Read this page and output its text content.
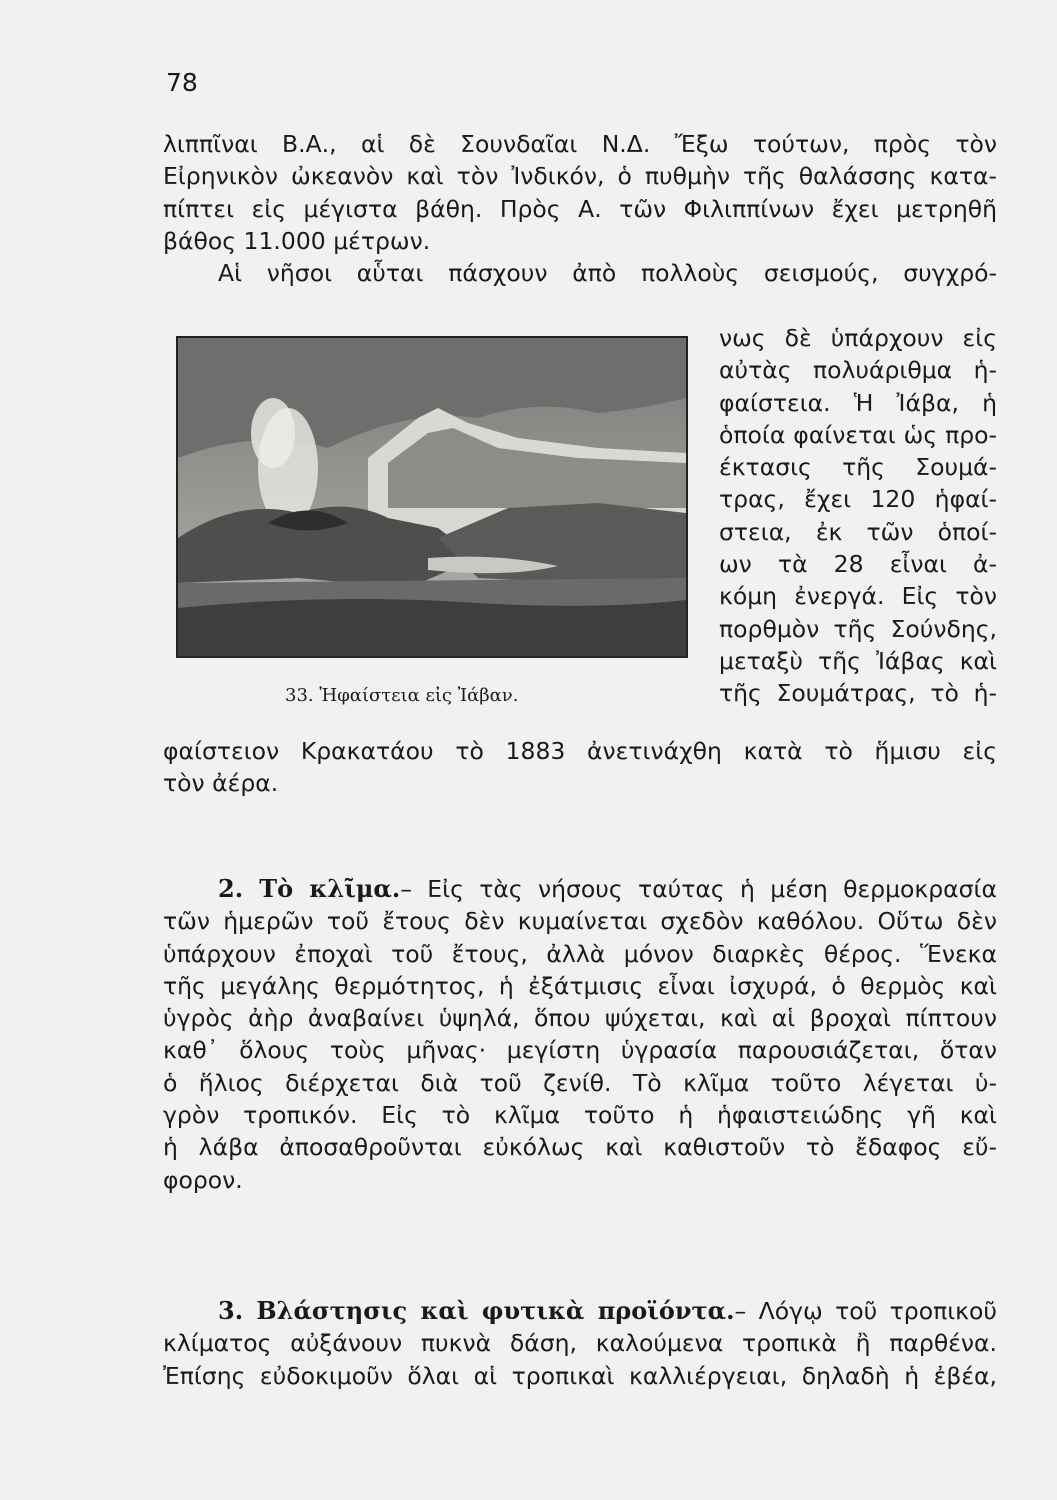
78
λιππῖναι Β.Α., αἱ δὲ Σουνδαῖαι Ν.Δ. Ἔξω τούτων, πρὸς τὸν
Εἰρηνικὸν ὠκεανὸν καὶ τὸν Ἰνδικόν, ὁ πυθμὴν τῆς θαλάσσης κατα-
πίπτει εἰς μέγιστα βάθη. Πρὸς Α. τῶν Φιλιππίνων ἔχει μετρηθῆ
βάθος 11.000 μέτρων.
Αἱ νῆσοι αὗται πάσχουν ἀπὸ πολλοὺς σεισμούς, συγχρό-
33. Ἡφαίστεια εἰς Ἰάβαν.
νως δὲ ὑπάρχουν εἰς
αὐτὰς πολυάριθμα ἡ-
φαίστεια. Ἡ Ἰάβα, ἡ
ὁποία φαίνεται ὡς προ-
έκτασις τῆς Σουμά-
τρας, ἔχει 120 ἡφαί-
στεια, ἐκ τῶν ὁποί-
ων τὰ 28 εἶναι ἀ-
κόμη ἐνεργά. Εἰς τὸν
πορθμὸν τῆς Σούνδης,
μεταξὺ τῆς Ἰάβας καὶ
τῆς Σουμάτρας, τὸ ἡ-
φαίστειον Κρακατάου τὸ 1883 ἀνετινάχθη κατὰ τὸ ἥμισυ εἰς
τὸν ἀέρα.
2. Τὸ κλῖμα.– Εἰς τὰς νήσους ταύτας ἡ μέση θερμοκρασία
τῶν ἡμερῶν τοῦ ἔτους δὲν κυμαίνεται σχεδὸν καθόλου. Οὕτω δὲν
ὑπάρχουν ἐποχαὶ τοῦ ἔτους, ἀλλὰ μόνον διαρκὲς θέρος. Ἕνεκα
τῆς μεγάλης θερμότητος, ἡ ἐξάτμισις εἶναι ἰσχυρά, ὁ θερμὸς καὶ
ὑγρὸς ἀὴρ ἀναβαίνει ὑψηλά, ὅπου ψύχεται, καὶ αἱ βροχαὶ πίπτουν
καθ᾽ ὅλους τοὺς μῆνας· μεγίστη ὑγρασία παρουσιάζεται, ὅταν
ὁ ἥλιος διέρχεται διὰ τοῦ ζενίθ. Τὸ κλῖμα τοῦτο λέγεται ὑ-
γρὸν τροπικόν. Εἰς τὸ κλῖμα τοῦτο ἡ ἡφαιστειώδης γῆ καὶ
ἡ λάβα ἀποσαθροῦνται εὐκόλως καὶ καθιστοῦν τὸ ἔδαφος εὔ-
φορον.
3. Βλάστησις καὶ φυτικὰ προϊόντα.– Λόγῳ τοῦ τροπικοῦ
κλίματος αὐξάνουν πυκνὰ δάση, καλούμενα τροπικὰ ἢ παρθένα.
Ἐπίσης εὐδοκιμοῦν ὅλαι αἱ τροπικαὶ καλλιέργειαι, δηλαδὴ ἡ ἐβέα,
